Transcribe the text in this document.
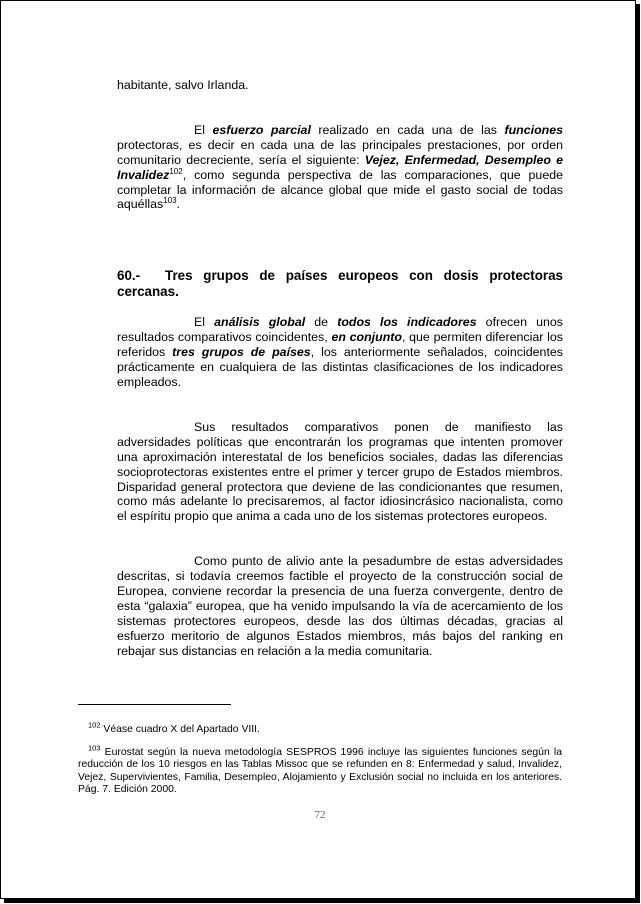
habitante, salvo Irlanda.

El esfuerzo parcial realizado en cada una de las funciones protectoras, es decir en cada una de las principales prestaciones, por orden comunitario decreciente, sería el siguiente: Vejez, Enfermedad, Desempleo e Invalidez$^{102}$, como segunda perspectiva de las comparaciones, que puede completar la información de alcance global que mide el gasto social de todas aquéllas$^{103}$.

60.- Tres grupos de países europeos con dosis protectoras cercanas.

El análisis global de todos los indicadores ofrecen unos resultados comparativos coincidentes, en conjunto, que permiten diferenciar los referidos tres grupos de países, los anteriormente señalados, coincidentes prácticamente en cualquiera de las distintas clasificaciones de los indicadores empleados.

Sus resultados comparativos ponen de manifiesto las adversidades políticas que encontrarán los programas que intenten promover una aproximación interestatal de los beneficios sociales, dadas las diferencias socioprotectoras existentes entre el primer y tercer grupo de Estados miembros. Disparidad general protectora que deviene de las condicionantes que resumen, como más adelante lo precisaremos, al factor idiosincrásico nacionalista, como el espíritu propio que anima a cada uno de los sistemas protectores europeos.

Como punto de alivio ante la pesadumbre de estas adversidades descritas, si todavía creemos factible el proyecto de la construcción social de Europea, conviene recordar la presencia de una fuerza convergente, dentro de esta “galaxia” europea, que ha venido impulsando la vía de acercamiento de los sistemas protectores europeos, desde las dos últimas décadas, gracias al esfuerzo meritorio de algunos Estados miembros, más bajos del ranking en rebajar sus distancias en relación a la media comunitaria.

$^{102}$ Véase cuadro X del Apartado VIII.

$^{103}$ Eurostat según la nueva metodología SESPROS 1996 incluye las siguientes funciones según la reducción de los 10 riesgos en las Tablas Missoc que se refunden en 8: Enfermedad y salud, Invalidez, Vejez, Supervivientes, Familia, Desempleo, Alojamiento y Exclusión social no incluida en los anteriores. Pág. 7. Edición 2000.

72
